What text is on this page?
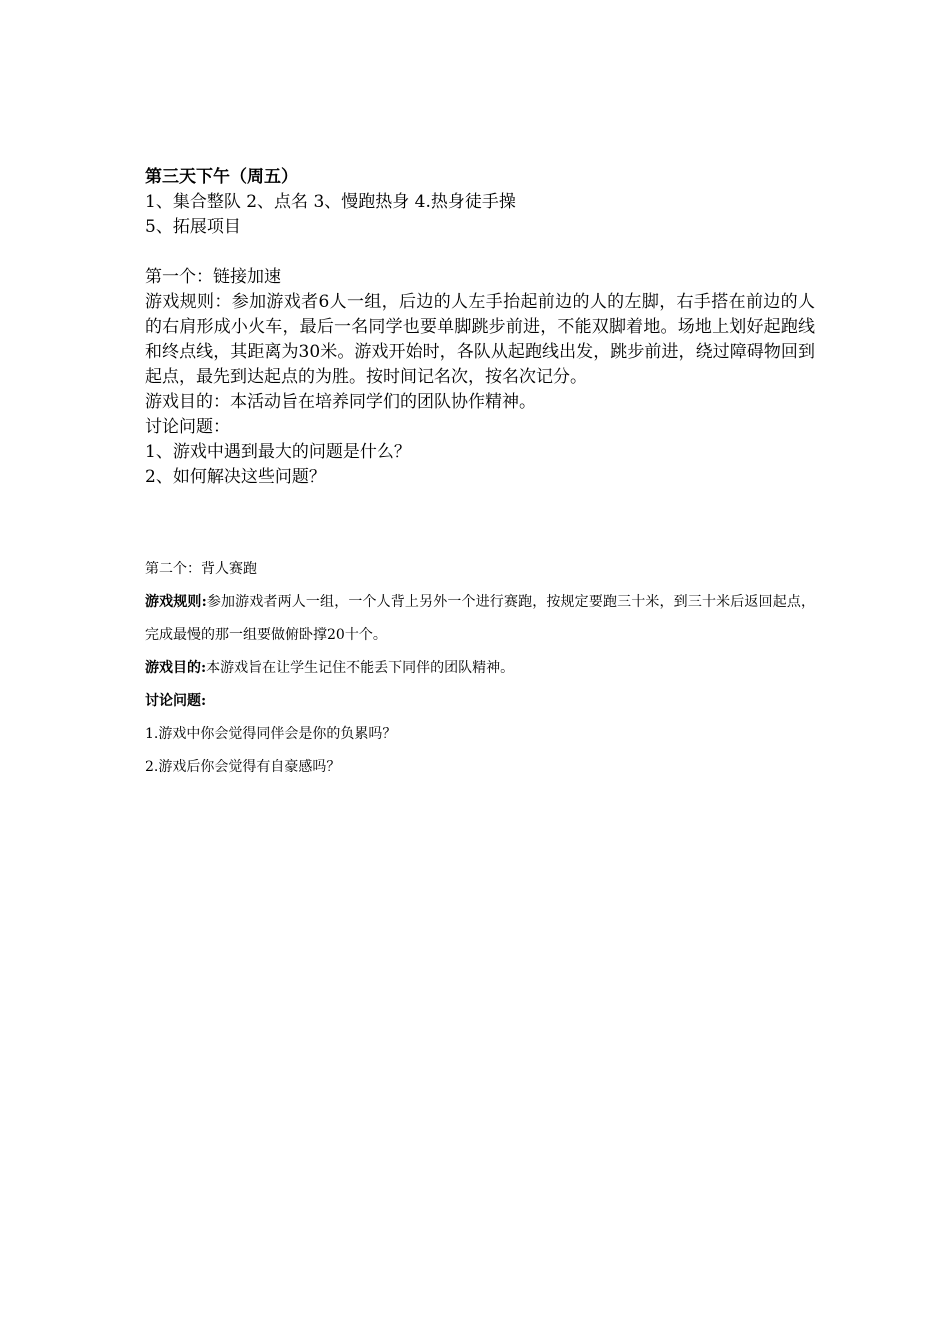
第三天下午（周五）
1、集合整队 2、点名 3、慢跑热身 4.热身徒手操
5、拓展项目
第一个：链接加速
游戏规则：参加游戏者6人一组，后边的人左手抬起前边的人的左脚，右手搭在前边的人的右肩形成小火车，最后一名同学也要单脚跳步前进，不能双脚着地。场地上划好起跑线和终点线，其距离为30米。游戏开始时，各队从起跑线出发，跳步前进，绕过障碍物回到起点，最先到达起点的为胜。按时间记名次，按名次记分。
游戏目的：本活动旨在培养同学们的团队协作精神。
讨论问题：
1、游戏中遇到最大的问题是什么？
2、如何解决这些问题？
第二个：背人赛跑
游戏规则:参加游戏者两人一组，一个人背上另外一个进行赛跑，按规定要跑三十米，到三十米后返回起点，完成最慢的那一组要做俯卧撑20十个。
游戏目的:本游戏旨在让学生记住不能丢下同伴的团队精神。
讨论问题:
1.游戏中你会觉得同伴会是你的负累吗？
2.游戏后你会觉得有自豪感吗？
